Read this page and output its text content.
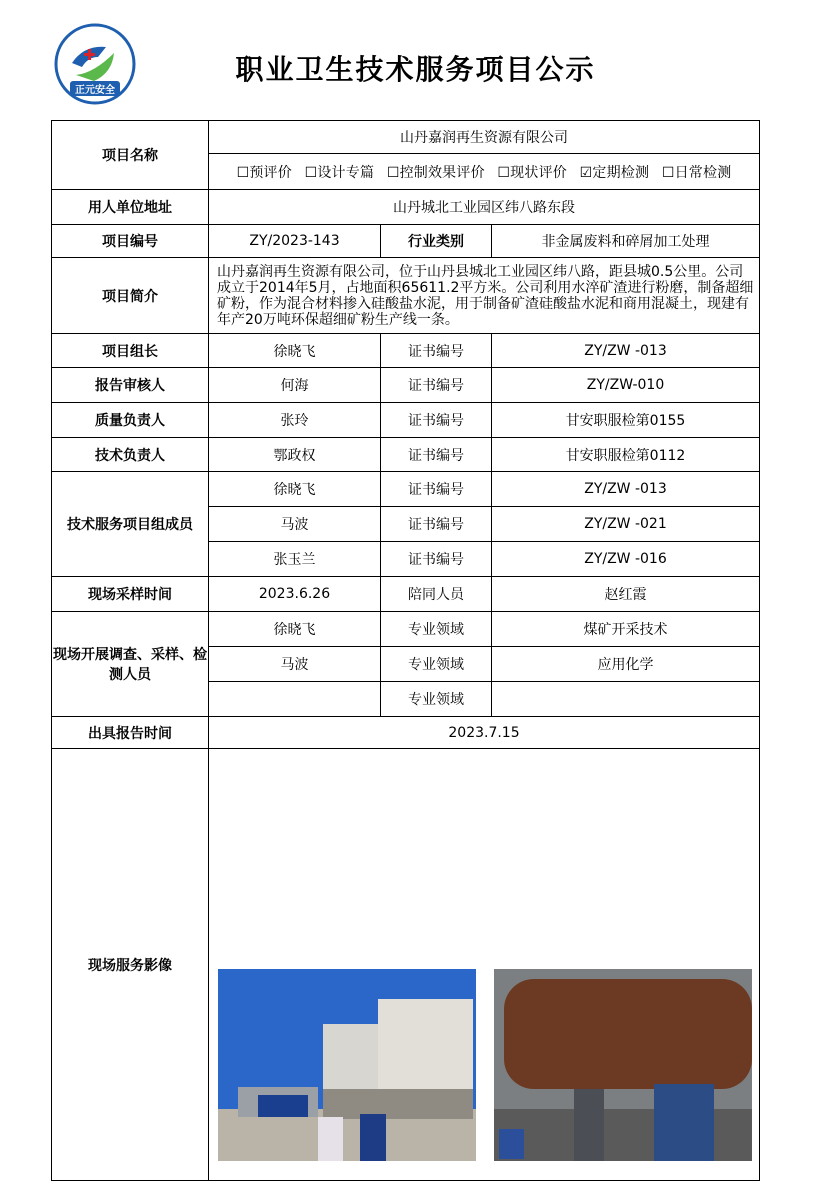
正元安全
职业卫生技术服务项目公示
项目名称	山丹嘉润再生资源有限公司		

	☐预评价 ☐设计专篇 ☐控制效果评价 ☐现状评价 ☑定期检测 ☐日常检测		

用人单位地址	山丹城北工业园区纬八路东段		
项目编号	ZY/2023-143	行业类别	非金属废料和碎屑加工处理
项目简介	山丹嘉润再生资源有限公司，位于山丹县城北工业园区纬八路，距县城0.5公里。公司成立于2014年5月，占地面积65611.2平方米。公司利用水淬矿渣进行粉磨，制备超细矿粉，作为混合材料掺入硅酸盐水泥，用于制备矿渣硅酸盐水泥和商用混凝土，现建有年产20万吨环保超细矿粉生产线一条。		
项目组长	徐晓飞	证书编号	ZY/ZW -013
报告审核人	何海	证书编号	ZY/ZW-010
质量负责人	张玲	证书编号	甘安职服检第0155
技术负责人	鄂政权	证书编号	甘安职服检第0112
技术服务项目组成员	徐晓飞	证书编号	ZY/ZW -013
	马波	证书编号	ZY/ZW -021
	张玉兰	证书编号	ZY/ZW -016
现场采样时间	2023.6.26	陪同人员	赵红霞
现场开展调查、采样、检测人员	徐晓飞	专业领域	煤矿开采技术
	马波	专业领域	应用化学
		专业领域	
出具报告时间	2023.7.15		
现场服务影像	
